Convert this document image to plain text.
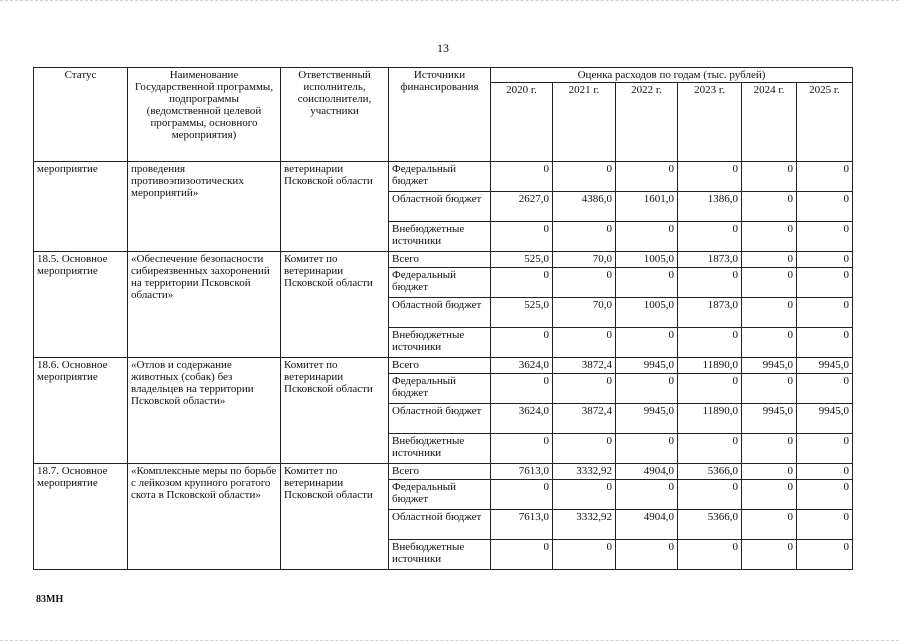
13
Статус	Наименование Государственной программы, подпрограммы (ведомственной целевой программы, основного мероприятия)	Ответственный исполнитель, соисполнители, участники	Источники финансирования	Оценка расходов по годам (тыс. рублей)					
				2020 г.	2021 г.	2022 г.	2023 г.	2024 г.	2025 г.
мероприятие	проведения противоэпизоотических мероприятий»	ветеринарии Псковской области	Федеральный бюджет	0	0	0	0	0	0
			Областной бюджет	2627,0	4386,0	1601,0	1386,0	0	0
			Внебюджетные источники	0	0	0	0	0	0
18.5. Основное мероприятие	«Обеспечение безопасности сибиреязвенных захоронений на территории Псковской области»	Комитет по ветеринарии Псковской области	Всего	525,0	70,0	1005,0	1873,0	0	0
			Федеральный бюджет	0	0	0	0	0	0
			Областной бюджет	525,0	70,0	1005,0	1873,0	0	0
			Внебюджетные источники	0	0	0	0	0	0
18.6. Основное мероприятие	«Отлов и содержание животных (собак) без владельцев на территории Псковской области»	Комитет по ветеринарии Псковской области	Всего	3624,0	3872,4	9945,0	11890,0	9945,0	9945,0
			Федеральный бюджет	0	0	0	0	0	0
			Областной бюджет	3624,0	3872,4	9945,0	11890,0	9945,0	9945,0
			Внебюджетные источники	0	0	0	0	0	0
18.7. Основное мероприятие	«Комплексные меры по борьбе с лейкозом крупного рогатого скота в Псковской области»	Комитет по ветеринарии Псковской области	Всего	7613,0	3332,92	4904,0	5366,0	0	0
			Федеральный бюджет	0	0	0	0	0	0
			Областной бюджет	7613,0	3332,92	4904,0	5366,0	0	0
			Внебюджетные источники	0	0	0	0	0	0
83МН
